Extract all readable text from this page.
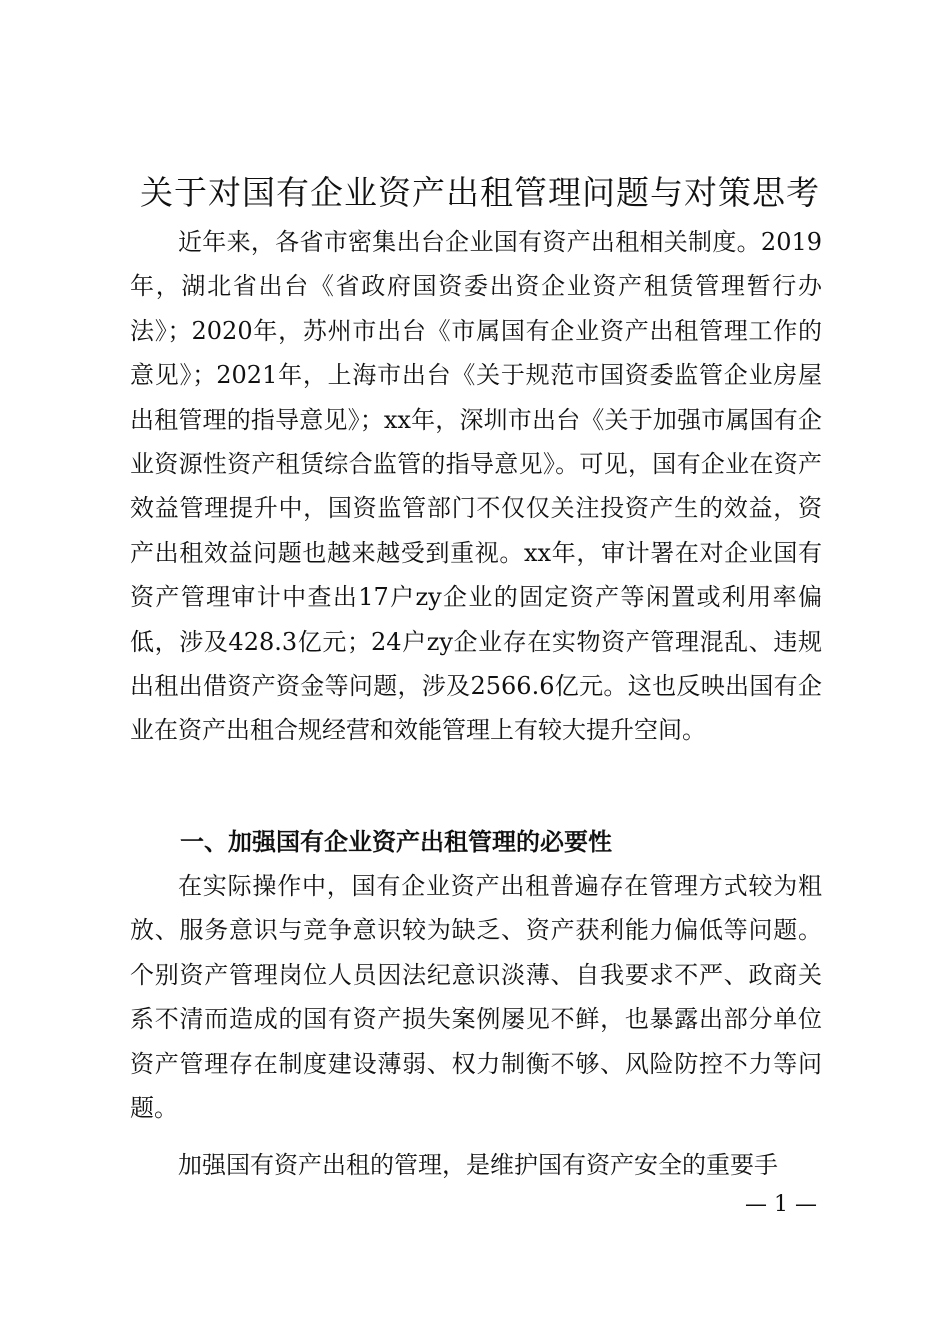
关于对国有企业资产出租管理问题与对策思考

近年来，各省市密集出台企业国有资产出租相关制度。2019年，湖北省出台《省政府国资委出资企业资产租赁管理暂行办法》；2020年，苏州市出台《市属国有企业资产出租管理工作的意见》；2021年，上海市出台《关于规范市国资委监管企业房屋出租管理的指导意见》；xx年，深圳市出台《关于加强市属国有企业资源性资产租赁综合监管的指导意见》。可见，国有企业在资产效益管理提升中，国资监管部门不仅仅关注投资产生的效益，资产出租效益问题也越来越受到重视。xx年，审计署在对企业国有资产管理审计中查出17户zy企业的固定资产等闲置或利用率偏低，涉及428.3亿元；24户zy企业存在实物资产管理混乱、违规出租出借资产资金等问题，涉及2566.6亿元。这也反映出国有企业在资产出租合规经营和效能管理上有较大提升空间。

一、加强国有企业资产出租管理的必要性

在实际操作中，国有企业资产出租普遍存在管理方式较为粗放、服务意识与竞争意识较为缺乏、资产获利能力偏低等问题。个别资产管理岗位人员因法纪意识淡薄、自我要求不严、政商关系不清而造成的国有资产损失案例屡见不鲜，也暴露出部分单位资产管理存在制度建设薄弱、权力制衡不够、风险防控不力等问题。

加强国有资产出租的管理，是维护国有资产安全的重要手

— 1 —
